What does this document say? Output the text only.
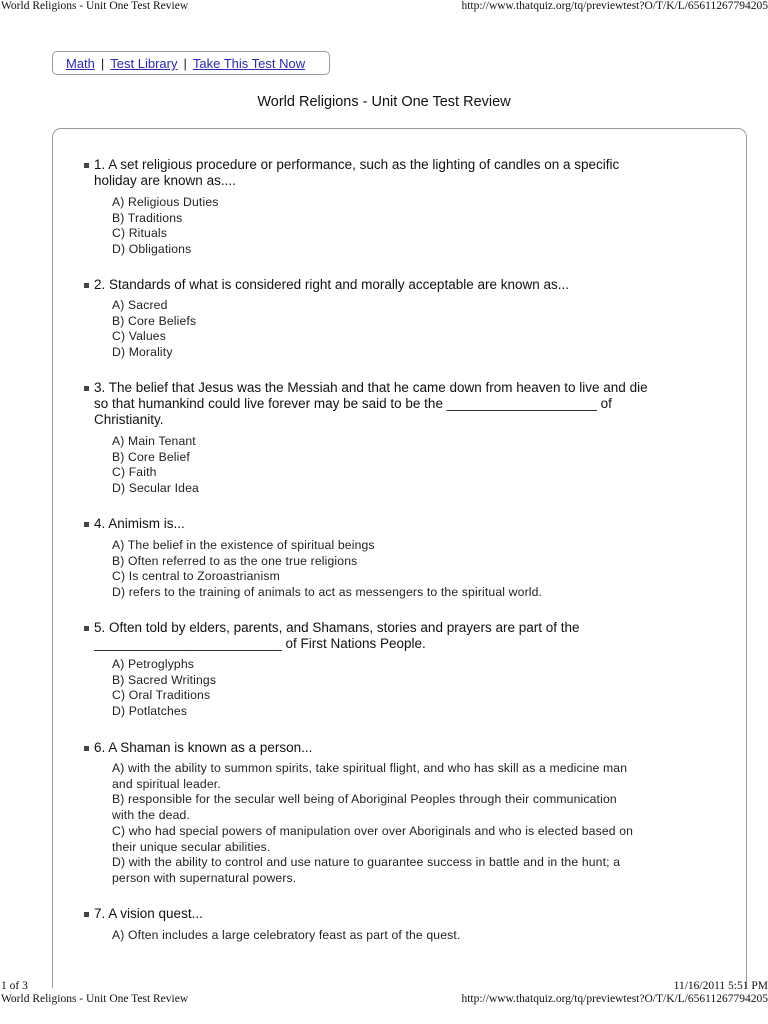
World Religions - Unit One Test Review	http://www.thatquiz.org/tq/previewtest?O/T/K/L/65611267794205
Math | Test Library | Take This Test Now
World Religions - Unit One Test Review
1. A set religious procedure or performance, such as the lighting of candles on a specific
holiday are known as....
A) Religious Duties
B) Traditions
C) Rituals
D) Obligations
2. Standards of what is considered right and morally acceptable are known as...
A) Sacred
B) Core Beliefs
C) Values
D) Morality
3. The belief that Jesus was the Messiah and that he came down from heaven to live and die
so that humankind could live forever may be said to be the ____________________ of
Christianity.
A) Main Tenant
B) Core Belief
C) Faith
D) Secular Idea
4. Animism is...
A) The belief in the existence of spiritual beings
B) Often referred to as the one true religions
C) Is central to Zoroastrianism
D) refers to the training of animals to act as messengers to the spiritual world.
5. Often told by elders, parents, and Shamans, stories and prayers are part of the
_________________________ of First Nations People.
A) Petroglyphs
B) Sacred Writings
C) Oral Traditions
D) Potlatches
6. A Shaman is known as a person...
A) with the ability to summon spirits, take spiritual flight, and who has skill as a medicine man
and spiritual leader.
B) responsible for the secular well being of Aboriginal Peoples through their communication
with the dead.
C) who had special powers of manipulation over over Aboriginals and who is elected based on
their unique secular abilities.
D) with the ability to control and use nature to guarantee success in battle and in the hunt; a
person with supernatural powers.
7. A vision quest...
A) Often includes a large celebratory feast as part of the quest.
1 of 3	11/16/2011 5:51 PM
World Religions - Unit One Test Review	http://www.thatquiz.org/tq/previewtest?O/T/K/L/65611267794205
